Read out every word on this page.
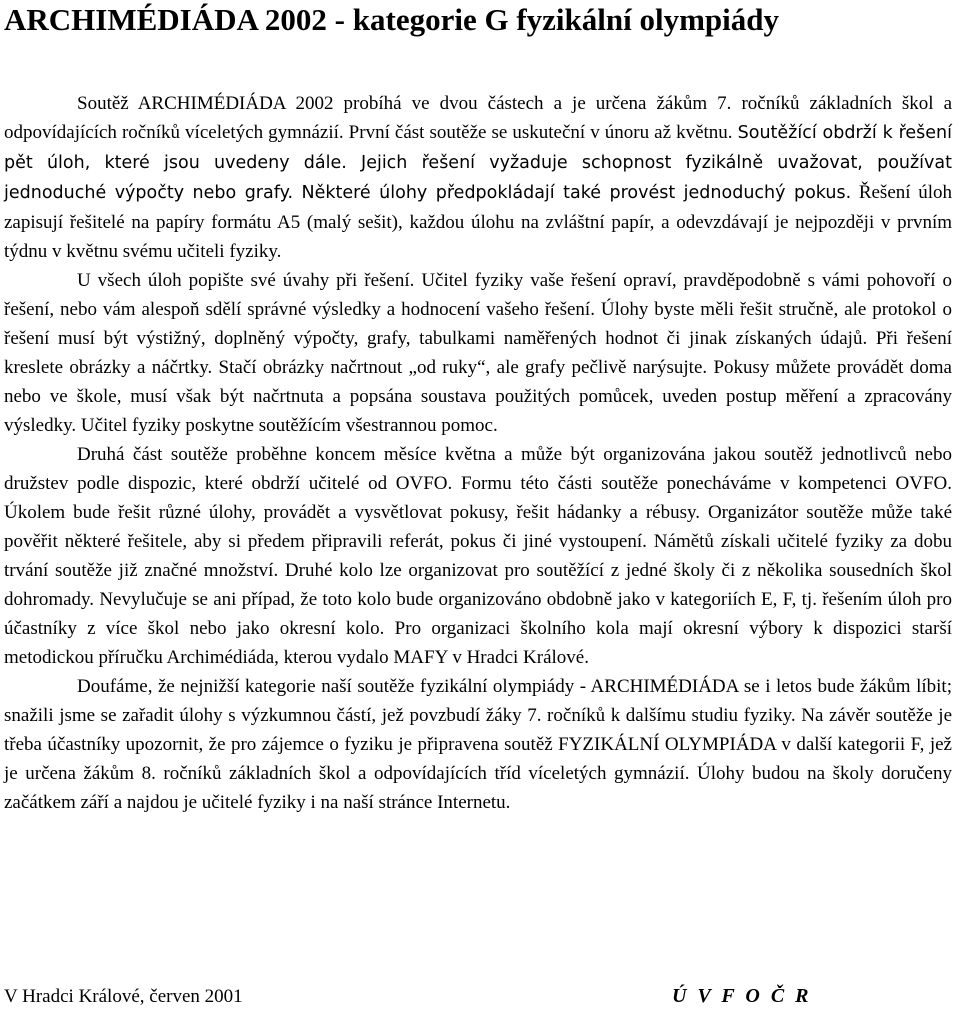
ARCHIMÉDIÁDA 2002 - kategorie G fyzikální olympiády

Soutěž ARCHIMÉDIÁDA 2002 probíhá ve dvou částech a je určena žákům 7. ročníků základních škol a odpovídajících ročníků víceletých gymnázií. První část soutěže se uskuteční v únoru až květnu. Soutěžící obdrží k řešení pět úloh, které jsou uvedeny dále. Jejich řešení vyžaduje schopnost fyzikálně uvažovat, používat jednoduché výpočty nebo grafy. Některé úlohy předpokládají také provést jednoduchý pokus. Řešení úloh zapisují řešitelé na papíry formátu A5 (malý sešit), každou úlohu na zvláštní papír, a odevzdávají je nejpozději v prvním týdnu v květnu svému učiteli fyziky.

U všech úloh popište své úvahy při řešení. Učitel fyziky vaše řešení opraví, pravděpodobně s vámi pohovoří o řešení, nebo vám alespoň sdělí správné výsledky a hodnocení vašeho řešení. Úlohy byste měli řešit stručně, ale protokol o řešení musí být výstižný, doplněný výpočty, grafy, tabulkami naměřených hodnot či jinak získaných údajů. Při řešení kreslete obrázky a náčrtky. Stačí obrázky načrtnout „od ruky“, ale grafy pečlivě narýsujte. Pokusy můžete provádět doma nebo ve škole, musí však být načrtnuta a popsána soustava použitých pomůcek, uveden postup měření a zpracovány výsledky. Učitel fyziky poskytne soutěžícím všestrannou pomoc.

Druhá část soutěže proběhne koncem měsíce května a může být organizována jakou soutěž jednotlivců nebo družstev podle dispozic, které obdrží učitelé od OVFO. Formu této části soutěže ponecháváme v kompetenci OVFO. Úkolem bude řešit různé úlohy, provádět a vysvětlovat pokusy, řešit hádanky a rébusy. Organizátor soutěže může také pověřit některé řešitele, aby si předem připravili referát, pokus či jiné vystoupení. Námětů získali učitelé fyziky za dobu trvání soutěže již značné množství. Druhé kolo lze organizovat pro soutěžící z jedné školy či z několika sousedních škol dohromady. Nevylučuje se ani případ, že toto kolo bude organizováno obdobně jako v kategoriích E, F, tj. řešením úloh pro účastníky z více škol nebo jako okresní kolo. Pro organizaci školního kola mají okresní výbory k dispozici starší metodickou příručku Archimédiáda, kterou vydalo MAFY v Hradci Králové.

Doufáme, že nejnižší kategorie naší soutěže fyzikální olympiády - ARCHIMÉDIÁDA se i letos bude žákům líbit; snažili jsme se zařadit úlohy s výzkumnou částí, jež povzbudí žáky 7. ročníků k dalšímu studiu fyziky. Na závěr soutěže je třeba účastníky upozornit, že pro zájemce o fyziku je připravena soutěž FYZIKÁLNÍ OLYMPIÁDA v další kategorii F, jež je určena žákům 8. ročníků základních škol a odpovídajících tříd víceletých gymnázií. Úlohy budou na školy doručeny začátkem září a najdou je učitelé fyziky i na naší stránce Internetu.

V Hradci Králové, červen 2001	Ú V F O Č R
